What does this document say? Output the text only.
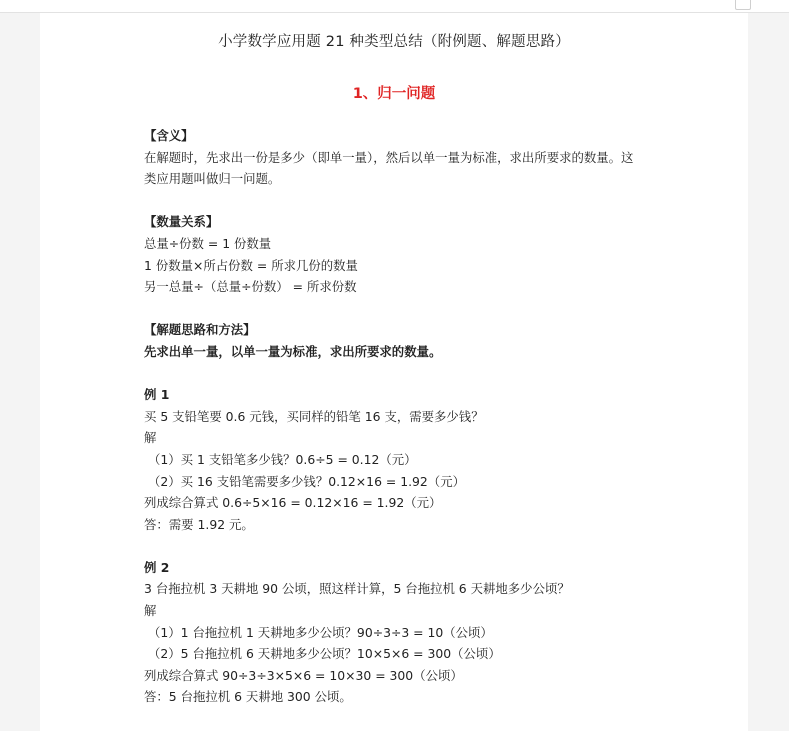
小学数学应用题 21 种类型总结（附例题、解题思路）
1、归一问题
【含义】
在解题时，先求出一份是多少（即单一量），然后以单一量为标准，求出所要求的数量。这
类应用题叫做归一问题。
【数量关系】
总量÷份数 = 1 份数量
1 份数量×所占份数 = 所求几份的数量
另一总量÷（总量÷份数） = 所求份数
【解题思路和方法】
先求出单一量，以单一量为标准，求出所要求的数量。
例 1
买 5 支铅笔要 0.6 元钱，买同样的铅笔 16 支，需要多少钱？
解
（1）买 1 支铅笔多少钱？0.6÷5 = 0.12（元）
（2）买 16 支铅笔需要多少钱？0.12×16 = 1.92（元）
列成综合算式 0.6÷5×16 = 0.12×16 = 1.92（元）
答：需要 1.92 元。
例 2
3 台拖拉机 3 天耕地 90 公顷，照这样计算，5 台拖拉机 6 天耕地多少公顷？
解
（1）1 台拖拉机 1 天耕地多少公顷？90÷3÷3 = 10（公顷）
（2）5 台拖拉机 6 天耕地多少公顷？10×5×6 = 300（公顷）
列成综合算式 90÷3÷3×5×6 = 10×30 = 300（公顷）
答：5 台拖拉机 6 天耕地 300 公顷。
